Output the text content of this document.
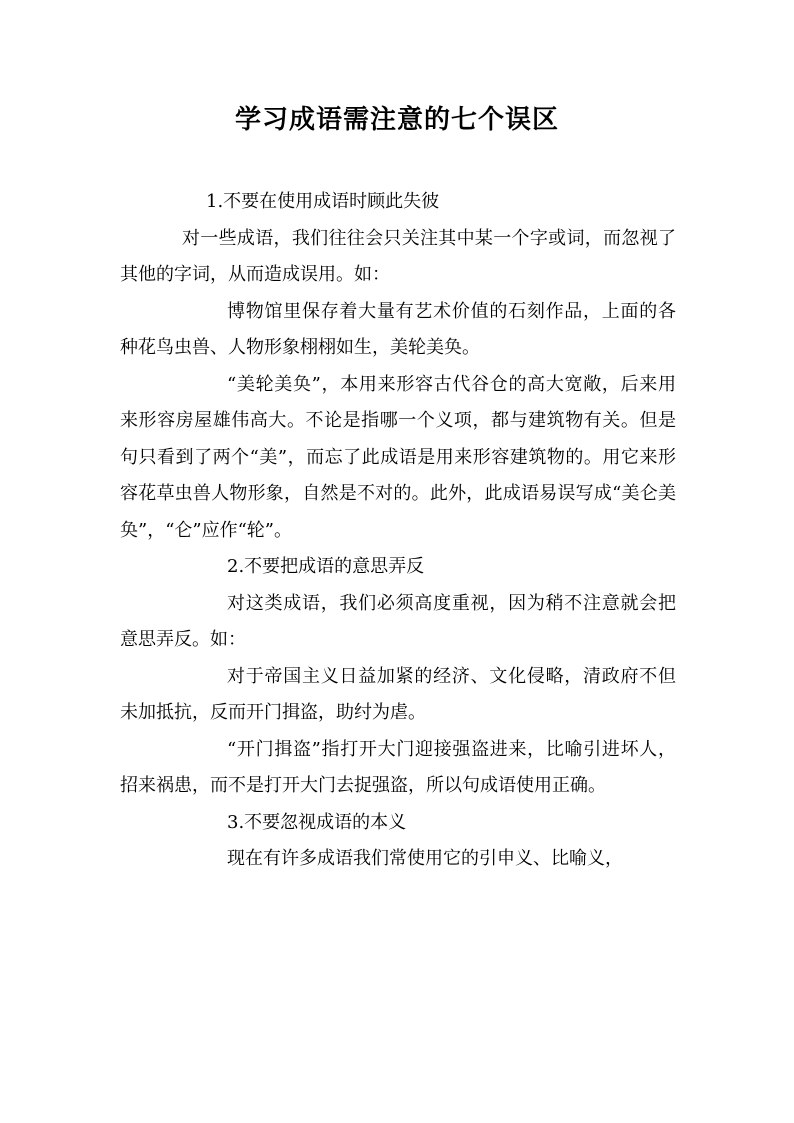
学习成语需注意的七个误区

1.不要在使用成语时顾此失彼

对一些成语，我们往往会只关注其中某一个字或词，而忽视了其他的字词，从而造成误用。如：

博物馆里保存着大量有艺术价值的石刻作品，上面的各种花鸟虫兽、人物形象栩栩如生，美轮美奂。

“美轮美奂”，本用来形容古代谷仓的高大宽敞，后来用来形容房屋雄伟高大。不论是指哪一个义项，都与建筑物有关。但是句只看到了两个“美”，而忘了此成语是用来形容建筑物的。用它来形容花草虫兽人物形象，自然是不对的。此外，此成语易误写成“美仑美奂”，“仑”应作“轮”。

2.不要把成语的意思弄反

对这类成语，我们必须高度重视，因为稍不注意就会把意思弄反。如：

对于帝国主义日益加紧的经济、文化侵略，清政府不但未加抵抗，反而开门揖盗，助纣为虐。

“开门揖盗”指打开大门迎接强盗进来，比喻引进坏人，招来祸患，而不是打开大门去捉强盗，所以句成语使用正确。

3.不要忽视成语的本义

现在有许多成语我们常使用它的引申义、比喻义，
